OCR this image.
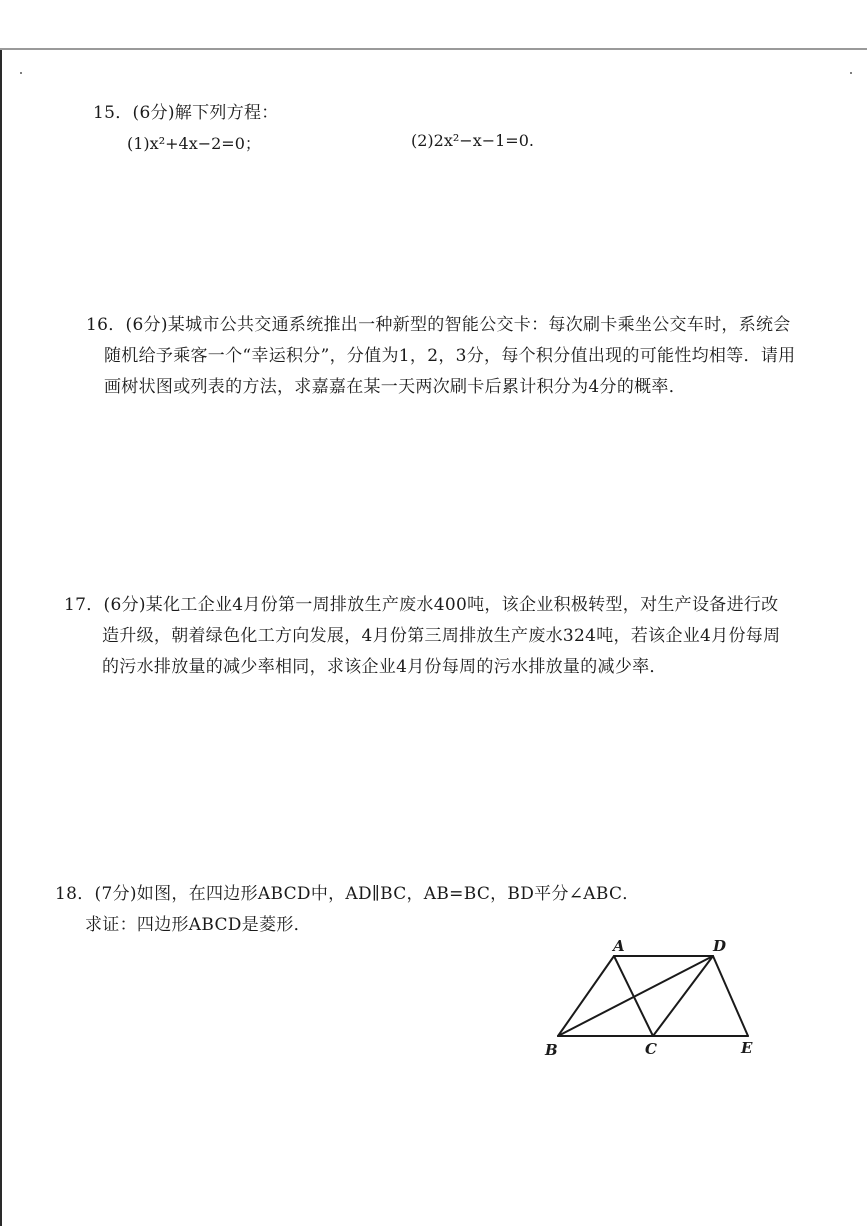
15．(6分)解下列方程：
(1)x²+4x−2=0；	(2)2x²−x−1=0.
16．(6分)某城市公共交通系统推出一种新型的智能公交卡：每次刷卡乘坐公交车时，系统会
随机给予乘客一个“幸运积分”，分值为1，2，3分，每个积分值出现的可能性均相等．请用
画树状图或列表的方法，求嘉嘉在某一天两次刷卡后累计积分为4分的概率．
17．(6分)某化工企业4月份第一周排放生产废水400吨，该企业积极转型，对生产设备进行改
造升级，朝着绿色化工方向发展，4月份第三周排放生产废水324吨，若该企业4月份每周
的污水排放量的减少率相同，求该企业4月份每周的污水排放量的减少率．
18．(7分)如图，在四边形ABCD中，AD∥BC，AB=BC，BD平分∠ABC．
求证：四边形ABCD是菱形．
A	D
B	C	E
